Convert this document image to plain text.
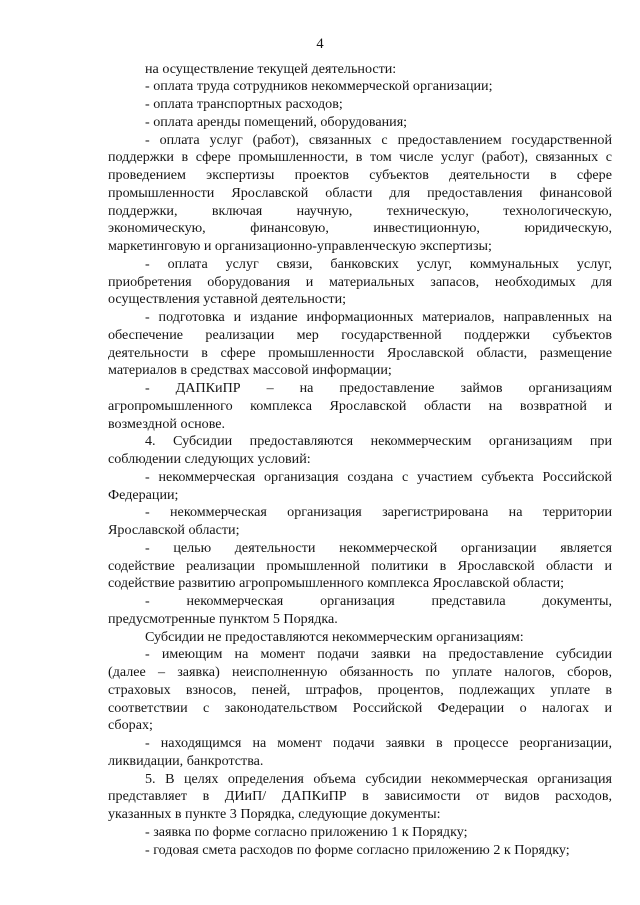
4
на осуществление текущей деятельности:
- оплата труда сотрудников некоммерческой организации;
- оплата транспортных расходов;
- оплата аренды помещений, оборудования;
- оплата услуг (работ), связанных с предоставлением государственной
поддержки в сфере промышленности, в том числе услуг (работ), связанных с
проведением экспертизы проектов субъектов деятельности в сфере
промышленности Ярославской области для предоставления финансовой
поддержки, включая научную, техническую, технологическую,
экономическую, финансовую, инвестиционную, юридическую,
маркетинговую и организационно-управленческую экспертизы;
- оплата услуг связи, банковских услуг, коммунальных услуг,
приобретения оборудования и материальных запасов, необходимых для
осуществления уставной деятельности;
- подготовка и издание информационных материалов, направленных на
обеспечение реализации мер государственной поддержки субъектов
деятельности в сфере промышленности Ярославской области, размещение
материалов в средствах массовой информации;
- ДАПКиПР – на предоставление займов организациям
агропромышленного комплекса Ярославской области на возвратной и
возмездной основе.
4. Субсидии предоставляются некоммерческим организациям при
соблюдении следующих условий:
- некоммерческая организация создана с участием субъекта Российской
Федерации;
- некоммерческая организация зарегистрирована на территории
Ярославской области;
- целью деятельности некоммерческой организации является
содействие реализации промышленной политики в Ярославской области и
содействие развитию агропромышленного комплекса Ярославской области;
- некоммерческая организация представила документы,
предусмотренные пунктом 5 Порядка.
Субсидии не предоставляются некоммерческим организациям:
- имеющим на момент подачи заявки на предоставление субсидии
(далее – заявка) неисполненную обязанность по уплате налогов, сборов,
страховых взносов, пеней, штрафов, процентов, подлежащих уплате в
соответствии с законодательством Российской Федерации о налогах и
сборах;
- находящимся на момент подачи заявки в процессе реорганизации,
ликвидации, банкротства.
5. В целях определения объема субсидии некоммерческая организация
представляет в ДИиП/ ДАПКиПР в зависимости от видов расходов,
указанных в пункте 3 Порядка, следующие документы:
- заявка по форме согласно приложению 1 к Порядку;
- годовая смета расходов по форме согласно приложению 2 к Порядку;
